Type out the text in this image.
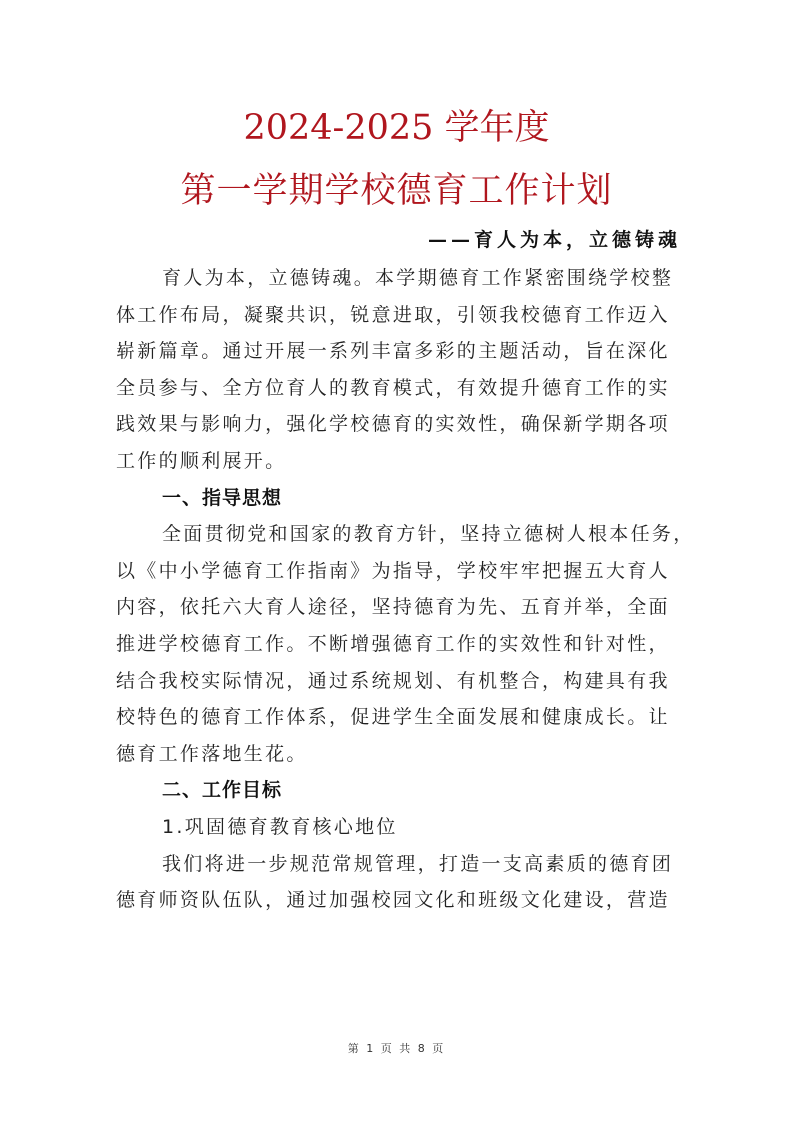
2024-2025 学年度
第一学期学校德育工作计划
——育人为本，立德铸魂
育人为本，立德铸魂。本学期德育工作紧密围绕学校整
体工作布局，凝聚共识，锐意进取，引领我校德育工作迈入
崭新篇章。通过开展一系列丰富多彩的主题活动，旨在深化
全员参与、全方位育人的教育模式，有效提升德育工作的实
践效果与影响力，强化学校德育的实效性，确保新学期各项
工作的顺利展开。
一、指导思想
全面贯彻党和国家的教育方针，坚持立德树人根本任务，
以《中小学德育工作指南》为指导，学校牢牢把握五大育人
内容，依托六大育人途径，坚持德育为先、五育并举，全面
推进学校德育工作。不断增强德育工作的实效性和针对性，
结合我校实际情况，通过系统规划、有机整合，构建具有我
校特色的德育工作体系，促进学生全面发展和健康成长。让
德育工作落地生花。
二、工作目标
1.巩固德育教育核心地位
我们将进一步规范常规管理，打造一支高素质的德育团
德育师资队伍队，通过加强校园文化和班级文化建设，营造
第 1 页 共 8 页
